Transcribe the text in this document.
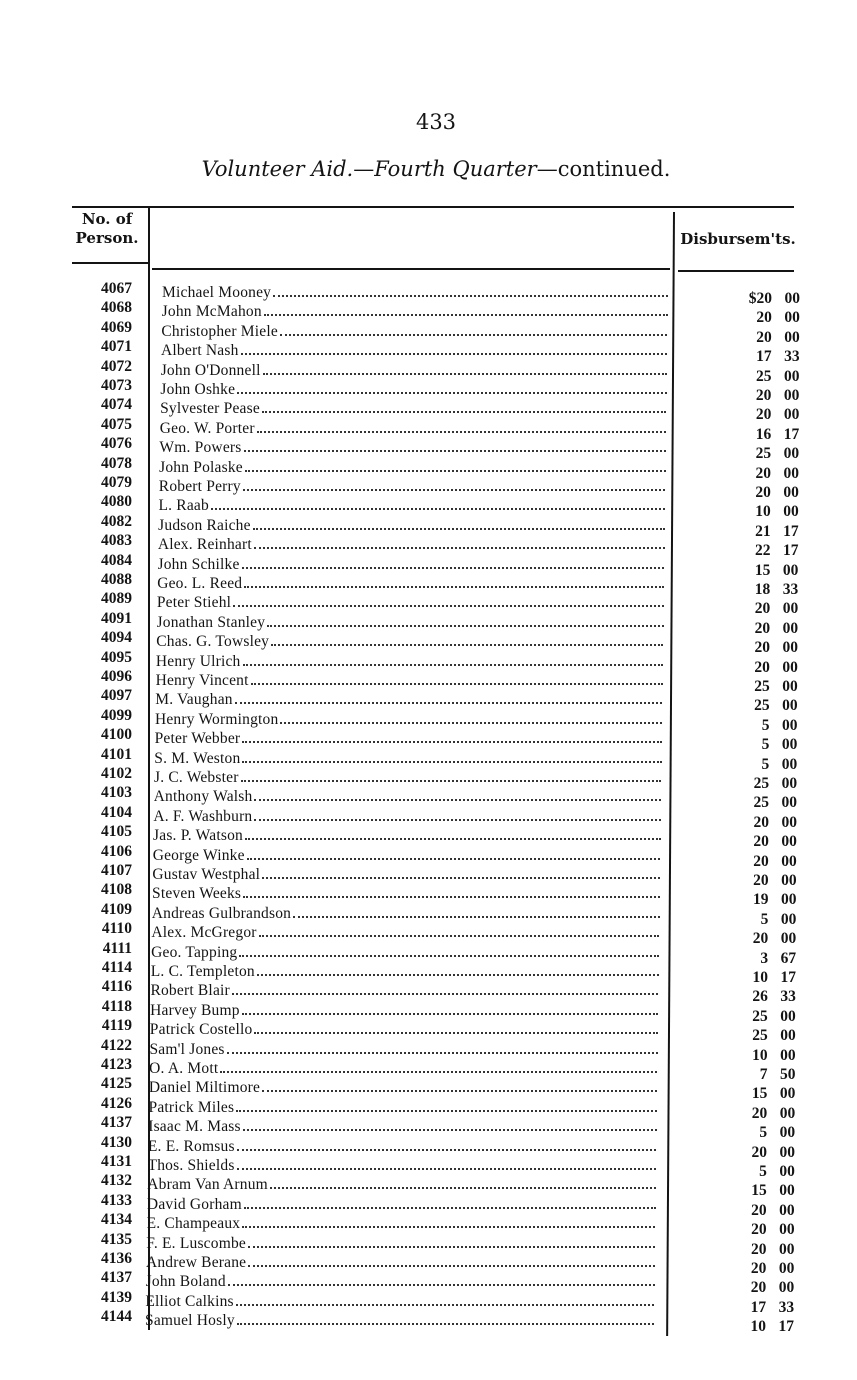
433
Volunteer Aid.—Fourth Quarter—continued.
No. of
Person.	Disbursem'ts.
4067 Michael Mooney	$20 00
4068 John McMahon	20 00
4069 Christopher Miele	20 00
4071 Albert Nash	17 33
4072 John O'Donnell	25 00
4073 John Oshke	20 00
4074 Sylvester Pease	20 00
4075 Geo. W. Porter	16 17
4076 Wm. Powers	25 00
4078 John Polaske	20 00
4079 Robert Perry	20 00
4080 L. Raab	10 00
4082 Judson Raiche	21 17
4083 Alex. Reinhart	22 17
4084 John Schilke	15 00
4088 Geo. L. Reed	18 33
4089 Peter Stiehl	20 00
4091 Jonathan Stanley	20 00
4094 Chas. G. Towsley	20 00
4095 Henry Ulrich	20 00
4096 Henry Vincent	25 00
4097 M. Vaughan	25 00
4099 Henry Wormington	5 00
4100 Peter Webber	5 00
4101 S. M. Weston	5 00
4102 J. C. Webster	25 00
4103 Anthony Walsh	25 00
4104 A. F. Washburn	20 00
4105 Jas. P. Watson	20 00
4106 George Winke	20 00
4107 Gustav Westphal	20 00
4108 Steven Weeks	19 00
4109 Andreas Gulbrandson	5 00
4110 Alex. McGregor	20 00
4111 Geo. Tapping	3 67
4114 L. C. Templeton	10 17
4116 Robert Blair	26 33
4118 Harvey Bump	25 00
4119 Patrick Costello	25 00
4122 Sam'l Jones	10 00
4123 O. A. Mott	7 50
4125 Daniel Miltimore	15 00
4126 Patrick Miles	20 00
4137 Isaac M. Mass	5 00
4130 E. E. Romsus	20 00
4131 Thos. Shields	5 00
4132 Abram Van Arnum	15 00
4133 David Gorham	20 00
4134 E. Champeaux	20 00
4135 F. E. Luscombe	20 00
4136 Andrew Berane	20 00
4137 John Boland	20 00
4139 Elliot Calkins	17 33
4144 Samuel Hosly	10 17
